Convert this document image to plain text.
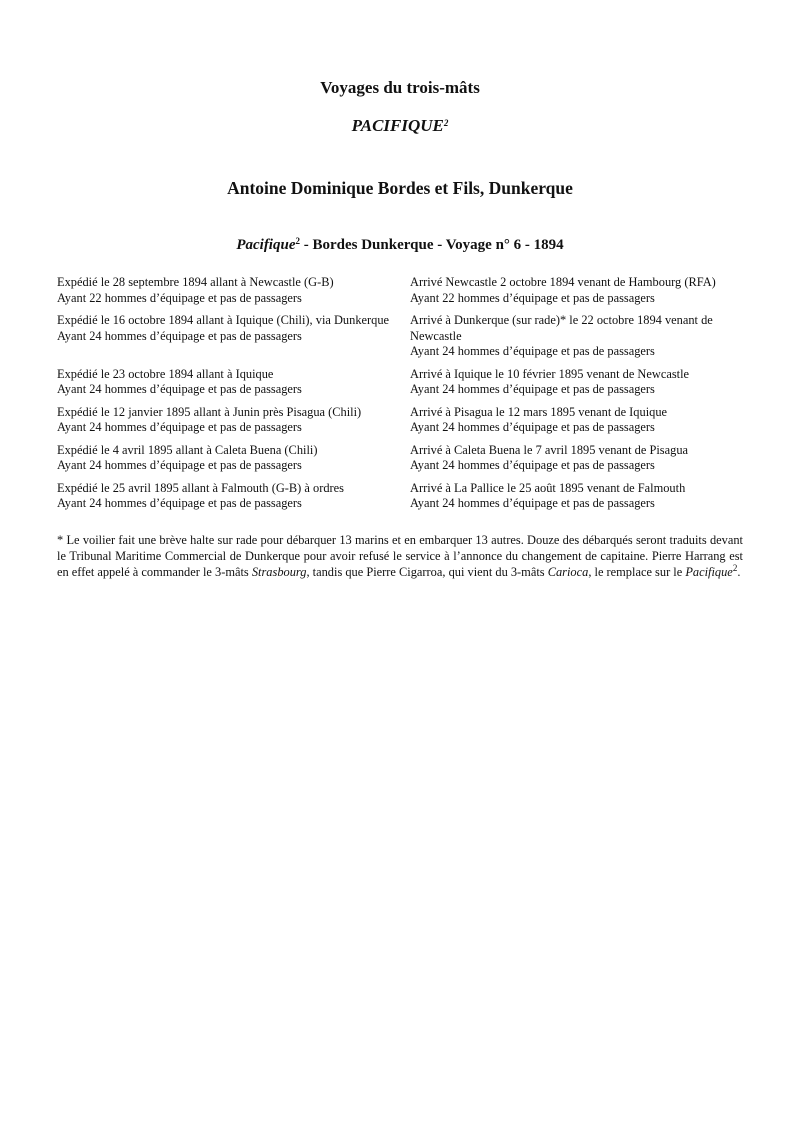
Voyages du trois-mâts
PACIFIQUE$^2$
Antoine Dominique Bordes et Fils, Dunkerque
Pacifique$^2$ - Bordes Dunkerque - Voyage n° 6 - 1894
Expédié le 28 septembre 1894 allant à Newcastle (G-B)
Ayant 22 hommes d’équipage et pas de passagers
Arrivé Newcastle 2 octobre 1894 venant de Hambourg (RFA)
Ayant 22 hommes d’équipage et pas de passagers
Expédié le 16 octobre 1894 allant à Iquique (Chili), via Dunkerque
Ayant 24 hommes d’équipage et pas de passagers
Arrivé à Dunkerque (sur rade)* le 22 octobre 1894 venant de Newcastle
Ayant 24 hommes d’équipage et pas de passagers
Expédié le 23 octobre 1894 allant à Iquique
Ayant 24 hommes d’équipage et pas de passagers
Arrivé à Iquique le 10 février 1895 venant de Newcastle
Ayant 24 hommes d’équipage et pas de passagers
Expédié le 12 janvier 1895 allant à Junin près Pisagua (Chili)
Ayant 24 hommes d’équipage et pas de passagers
Arrivé à Pisagua le 12 mars 1895 venant de Iquique
Ayant 24 hommes d’équipage et pas de passagers
Expédié le 4 avril 1895 allant à Caleta Buena (Chili)
Ayant 24 hommes d’équipage et pas de passagers
Arrivé à Caleta Buena le 7 avril 1895 venant de Pisagua
Ayant 24 hommes d’équipage et pas de passagers
Expédié le 25 avril 1895 allant à Falmouth (G-B) à ordres
Ayant 24 hommes d’équipage et pas de passagers
Arrivé à La Pallice le 25 août 1895 venant de Falmouth
Ayant 24 hommes d’équipage et pas de passagers
* Le voilier fait une brève halte sur rade pour débarquer 13 marins et en embarquer 13 autres. Douze des débarqués seront traduits devant le Tribunal Maritime Commercial de Dunkerque pour avoir refusé le service à l’annonce du changement de capitaine. Pierre Harrang est en effet appelé à commander le 3-mâts Strasbourg, tandis que Pierre Cigarroa, qui vient du 3-mâts Carioca, le remplace sur le Pacifique$^2$.
